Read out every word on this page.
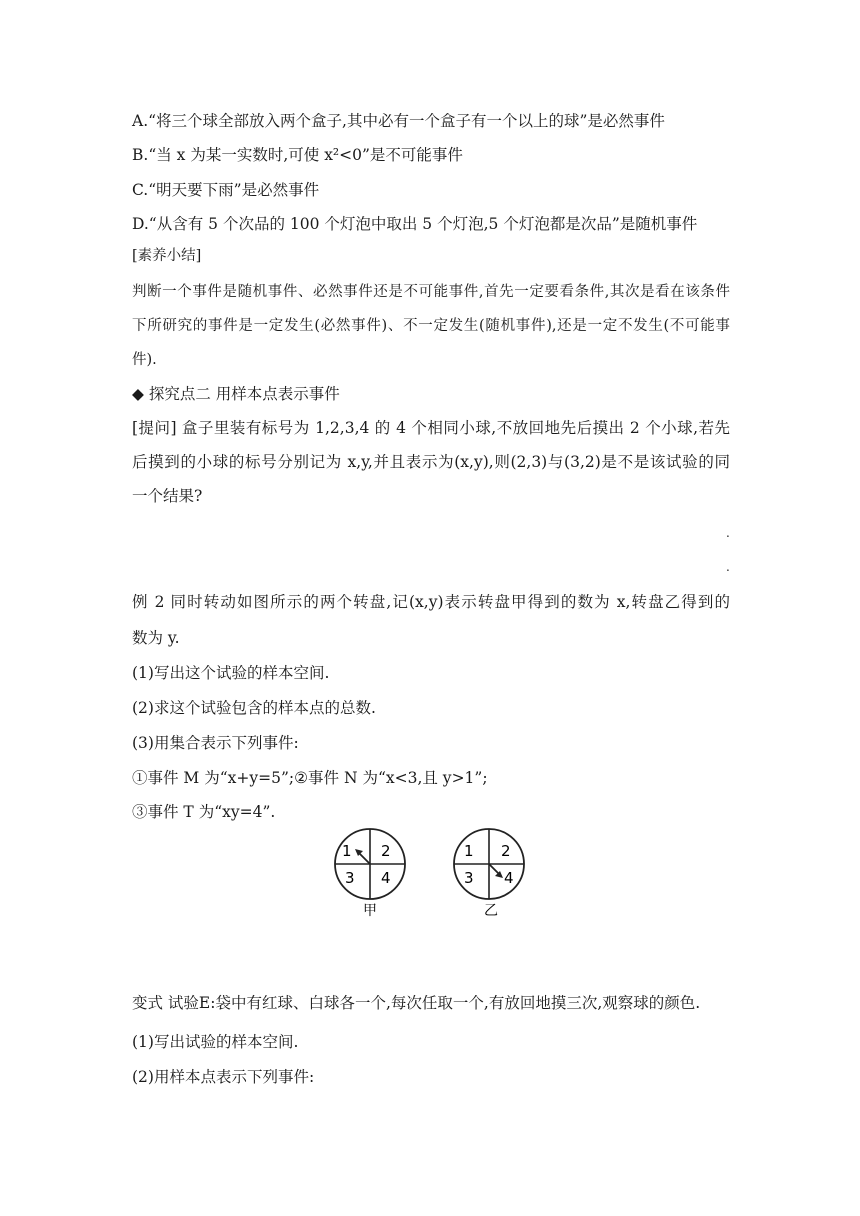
A.“将三个球全部放入两个盒子,其中必有一个盒子有一个以上的球”是必然事件
B.“当 x 为某一实数时,可使 x²<0”是不可能事件
C.“明天要下雨”是必然事件
D.“从含有 5 个次品的 100 个灯泡中取出 5 个灯泡,5 个灯泡都是次品”是随机事件
[素养小结]
判断一个事件是随机事件、必然事件还是不可能事件,首先一定要看条件,其次是看在该条件
下所研究的事件是一定发生(必然事件)、不一定发生(随机事件),还是一定不发生(不可能事
件).
◆ 探究点二 用样本点表示事件
[提问] 盒子里装有标号为 1,2,3,4 的 4 个相同小球,不放回地先后摸出 2 个小球,若先
后摸到的小球的标号分别记为 x,y,并且表示为(x,y),则(2,3)与(3,2)是不是该试验的同
一个结果?
.
.
例 2 同时转动如图所示的两个转盘,记(x,y)表示转盘甲得到的数为 x,转盘乙得到的
数为 y.
(1)写出这个试验的样本空间.
(2)求这个试验包含的样本点的总数.
(3)用集合表示下列事件:
①事件 M 为“x+y=5”;②事件 N 为“x<3,且 y>1”;
③事件 T 为“xy=4”.
1 2
3 4
甲
1 2
3 4
乙
变式 试验E:袋中有红球、白球各一个,每次任取一个,有放回地摸三次,观察球的颜色.
(1)写出试验的样本空间.
(2)用样本点表示下列事件:
